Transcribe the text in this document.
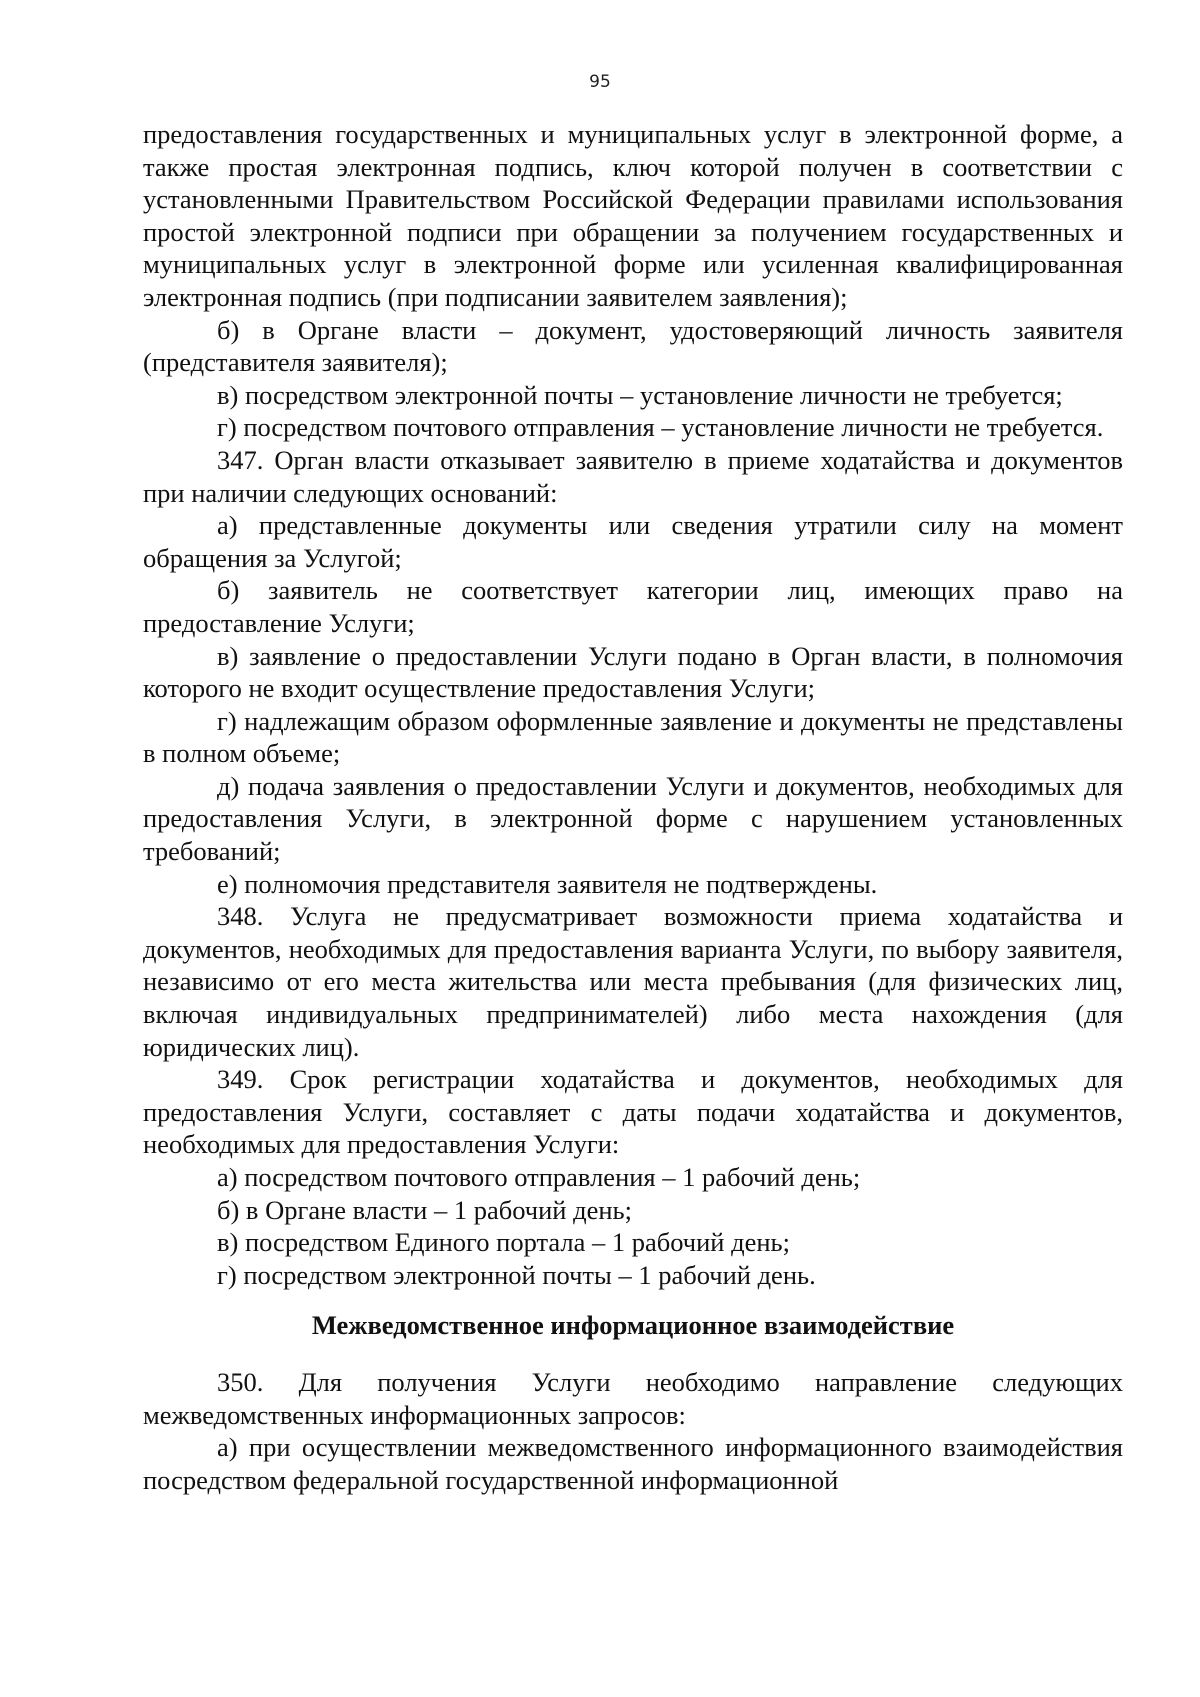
95

предоставления государственных и муниципальных услуг в электронной форме, а также простая электронная подпись, ключ которой получен в соответствии с установленными Правительством Российской Федерации правилами использования простой электронной подписи при обращении за получением государственных и муниципальных услуг в электронной форме или усиленная квалифицированная электронная подпись (при подписании заявителем заявления);

б) в Органе власти – документ, удостоверяющий личность заявителя (представителя заявителя);

в) посредством электронной почты – установление личности не требуется;

г) посредством почтового отправления – установление личности не требуется.

347. Орган власти отказывает заявителю в приеме ходатайства и документов при наличии следующих оснований:

а) представленные документы или сведения утратили силу на момент обращения за Услугой;

б) заявитель не соответствует категории лиц, имеющих право на предоставление Услуги;

в) заявление о предоставлении Услуги подано в Орган власти, в полномочия которого не входит осуществление предоставления Услуги;

г) надлежащим образом оформленные заявление и документы не представлены в полном объеме;

д) подача заявления о предоставлении Услуги и документов, необходимых для предоставления Услуги, в электронной форме с нарушением установленных требований;

е) полномочия представителя заявителя не подтверждены.

348. Услуга не предусматривает возможности приема ходатайства и документов, необходимых для предоставления варианта Услуги, по выбору заявителя, независимо от его места жительства или места пребывания (для физических лиц, включая индивидуальных предпринимателей) либо места нахождения (для юридических лиц).

349. Срок регистрации ходатайства и документов, необходимых для предоставления Услуги, составляет с даты подачи ходатайства и документов, необходимых для предоставления Услуги:

а) посредством почтового отправления – 1 рабочий день;

б) в Органе власти – 1 рабочий день;

в) посредством Единого портала – 1 рабочий день;

г) посредством электронной почты – 1 рабочий день.

Межведомственное информационное взаимодействие

350. Для получения Услуги необходимо направление следующих межведомственных информационных запросов:

а) при осуществлении межведомственного информационного взаимодействия посредством федеральной государственной информационной
